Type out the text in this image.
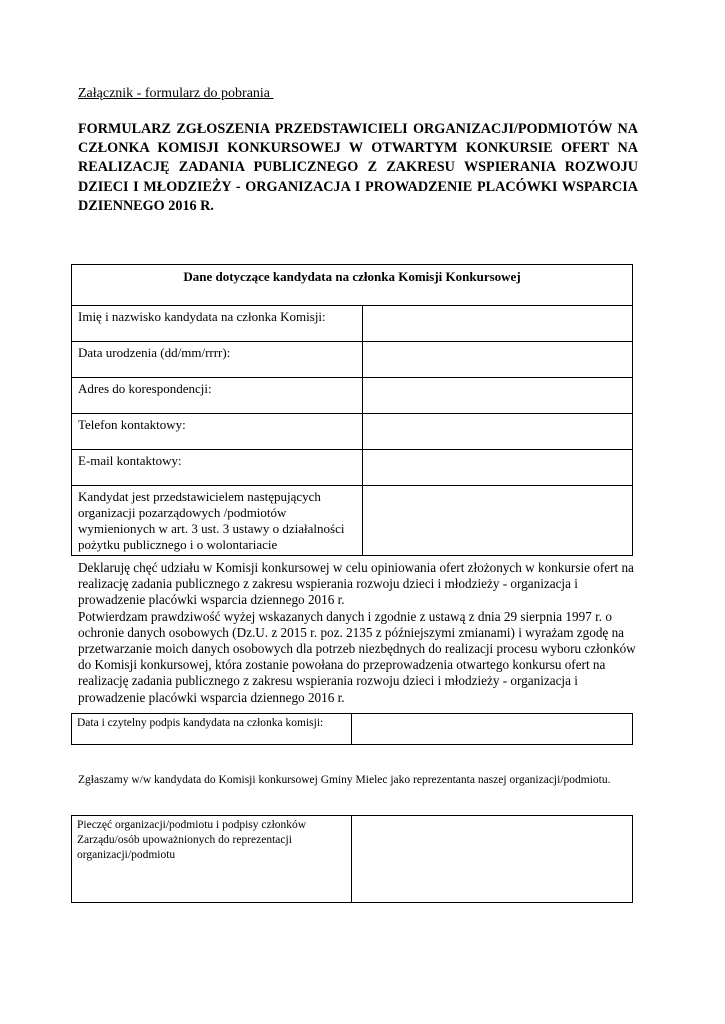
Załącznik - formularz do pobrania
FORMULARZ ZGŁOSZENIA PRZEDSTAWICIELI ORGANIZACJI/PODMIOTÓW NA CZŁONKA KOMISJI KONKURSOWEJ W OTWARTYM KONKURSIE OFERT NA REALIZACJĘ ZADANIA PUBLICZNEGO Z ZAKRESU WSPIERANIA ROZWOJU DZIECI I MŁODZIEŻY - ORGANIZACJA I PROWADZENIE PLACÓWKI WSPARCIA DZIENNEGO 2016 R.
Dane dotyczące kandydata na członka Komisji Konkursowej	
Imię i nazwisko kandydata na członka Komisji:	
Data urodzenia (dd/mm/rrrr):	
Adres do korespondencji:	
Telefon kontaktowy:	
E-mail kontaktowy:	
Kandydat jest przedstawicielem następujących organizacji pozarządowych /podmiotów wymienionych w art. 3 ust. 3 ustawy o działalności pożytku publicznego i o wolontariacie	

Deklaruję chęć udziału w Komisji konkursowej w celu opiniowania ofert złożonych w konkursie ofert na realizację zadania publicznego z zakresu wspierania rozwoju dzieci i młodzieży - organizacja i prowadzenie placówki wsparcia dziennego 2016 r.

Potwierdzam prawdziwość wyżej wskazanych danych i zgodnie z ustawą z dnia 29 sierpnia 1997 r. o ochronie danych osobowych (Dz.U. z 2015 r. poz. 2135 z późniejszymi zmianami) i wyrażam zgodę na przetwarzanie moich danych osobowych dla potrzeb niezbędnych do realizacji procesu wyboru członków do Komisji konkursowej, która zostanie powołana do przeprowadzenia otwartego konkursu ofert na realizację zadania publicznego z zakresu wspierania rozwoju dzieci i młodzieży - organizacja i prowadzenie placówki wsparcia dziennego 2016 r.

Data i czytelny podpis kandydata na członka komisji:	
Zgłaszamy w/w kandydata do Komisji konkursowej Gminy Mielec jako reprezentanta naszej organizacji/podmiotu.
Pieczęć organizacji/podmiotu i podpisy członków Zarządu/osób upoważnionych do reprezentacji organizacji/podmiotu	
